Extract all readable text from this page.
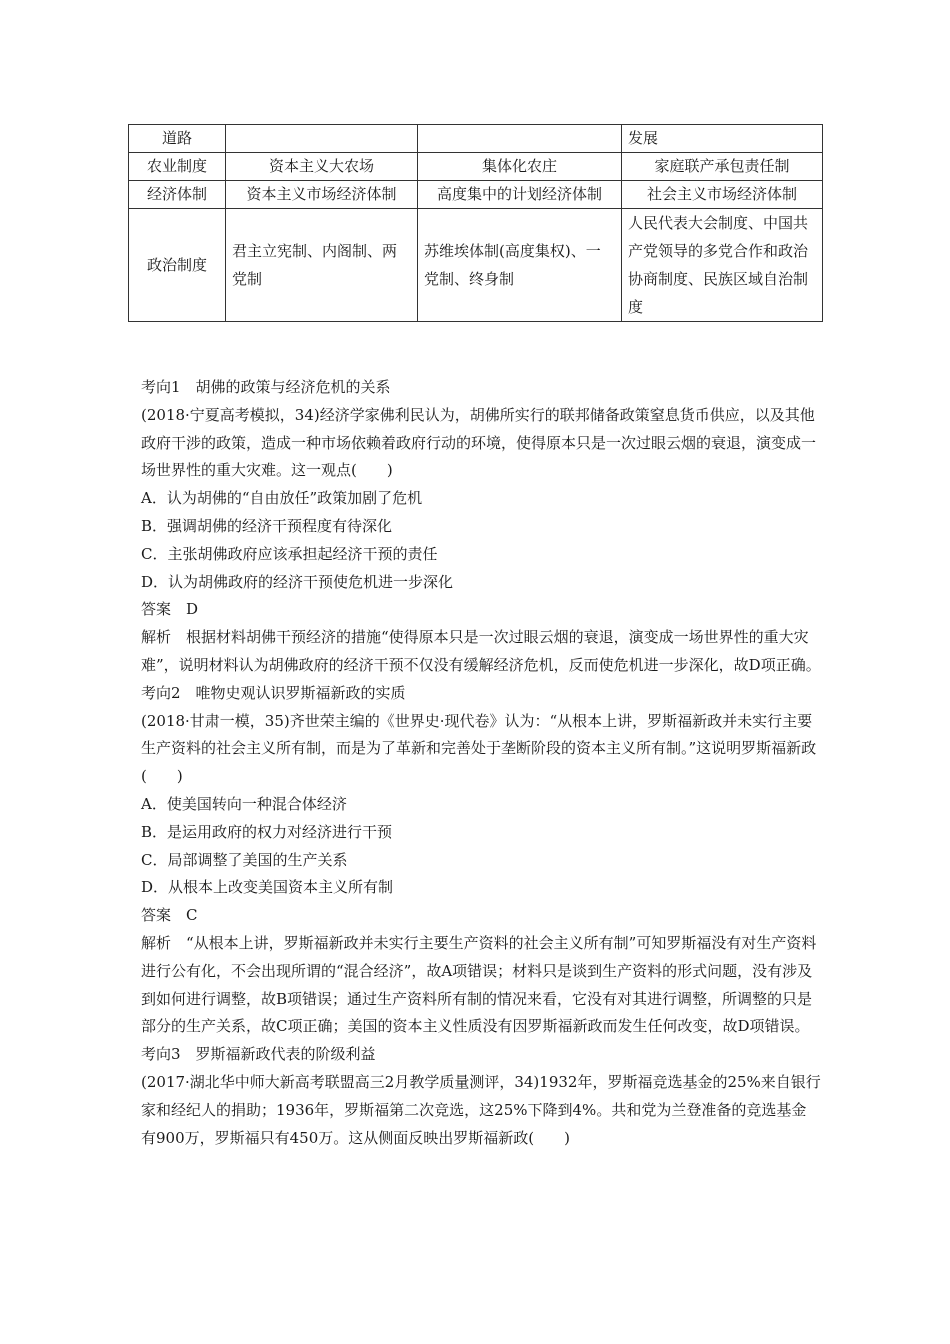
道路			发展
农业制度	资本主义大农场	集体化农庄	家庭联产承包责任制
经济体制	资本主义市场经济体制	高度集中的计划经济体制	社会主义市场经济体制
政治制度	君主立宪制、内阁制、两党制	苏维埃体制(高度集权)、一党制、终身制	人民代表大会制度、中国共产党领导的多党合作和政治协商制度、民族区域自治制度

考向1　胡佛的政策与经济危机的关系

(2018·宁夏高考模拟，34)经济学家佛利民认为，胡佛所实行的联邦储备政策窒息货币供应，以及其他政府干涉的政策，造成一种市场依赖着政府行动的环境，使得原本只是一次过眼云烟的衰退，演变成一场世界性的重大灾难。这一观点(　　)

A．认为胡佛的“自由放任”政策加剧了危机

B．强调胡佛的经济干预程度有待深化

C．主张胡佛政府应该承担起经济干预的责任

D．认为胡佛政府的经济干预使危机进一步深化

答案　D

解析　根据材料胡佛干预经济的措施“使得原本只是一次过眼云烟的衰退，演变成一场世界性的重大灾难”，说明材料认为胡佛政府的经济干预不仅没有缓解经济危机，反而使危机进一步深化，故D项正确。

考向2　唯物史观认识罗斯福新政的实质

(2018·甘肃一模，35)齐世荣主编的《世界史·现代卷》认为：“从根本上讲，罗斯福新政并未实行主要生产资料的社会主义所有制，而是为了革新和完善处于垄断阶段的资本主义所有制。”这说明罗斯福新政(　　)

A．使美国转向一种混合体经济

B．是运用政府的权力对经济进行干预

C．局部调整了美国的生产关系

D．从根本上改变美国资本主义所有制

答案　C

解析　“从根本上讲，罗斯福新政并未实行主要生产资料的社会主义所有制”可知罗斯福没有对生产资料进行公有化，不会出现所谓的“混合经济”，故A项错误；材料只是谈到生产资料的形式问题，没有涉及到如何进行调整，故B项错误；通过生产资料所有制的情况来看，它没有对其进行调整，所调整的只是部分的生产关系，故C项正确；美国的资本主义性质没有因罗斯福新政而发生任何改变，故D项错误。

考向3　罗斯福新政代表的阶级利益

(2017·湖北华中师大新高考联盟高三2月教学质量测评，34)1932年，罗斯福竞选基金的25%来自银行家和经纪人的捐助；1936年，罗斯福第二次竞选，这25%下降到4%。共和党为兰登准备的竞选基金有900万，罗斯福只有450万。这从侧面反映出罗斯福新政(　　)
